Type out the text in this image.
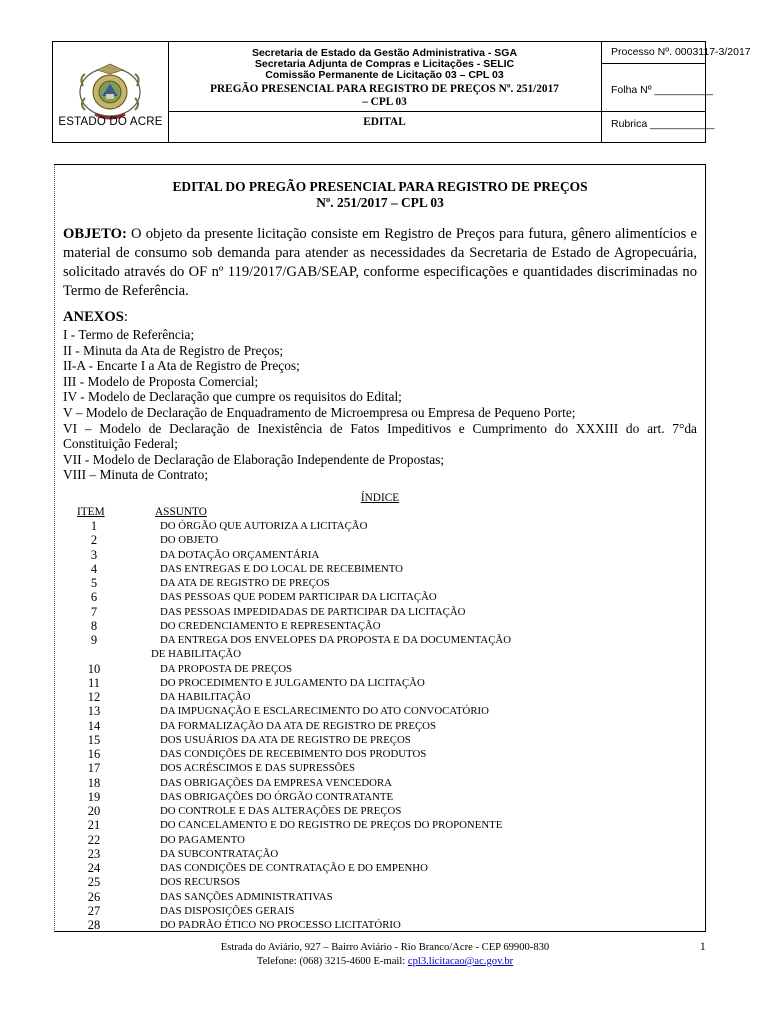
ESTADO DO ACRE
Secretaria de Estado da Gestão Administrativa - SGA
Secretaria Adjunta de Compras e Licitações - SELIC
Comissão Permanente de Licitação 03 – CPL 03
PREGÃO PRESENCIAL PARA REGISTRO DE PREÇOS Nº. 251/2017
– CPL 03
EDITAL
Processo Nº. 0003117-3/2017
Folha Nº __________
Rubrica ___________
EDITAL DO PREGÃO PRESENCIAL PARA REGISTRO DE PREÇOS
Nº. 251/2017 – CPL 03
OBJETO: O objeto da presente licitação consiste em Registro de Preços para futura, gênero alimentícios e material de consumo sob demanda para atender as necessidades da Secretaria de Estado de Agropecuária, solicitado através do OF nº 119/2017/GAB/SEAP, conforme especificações e quantidades discriminadas no Termo de Referência.
ANEXOS:
I - Termo de Referência;
II - Minuta da Ata de Registro de Preços;
II-A - Encarte I a Ata de Registro de Preços;
III - Modelo de Proposta Comercial;
IV - Modelo de Declaração que cumpre os requisitos do Edital;
V – Modelo de Declaração de Enquadramento de Microempresa ou Empresa de Pequeno Porte;
VI – Modelo de Declaração de Inexistência de Fatos Impeditivos e Cumprimento do XXXIII do art. 7°da Constituição Federal;
VII - Modelo de Declaração de Elaboração Independente de Propostas;
VIII – Minuta de Contrato;
ÍNDICE
ITEM	ASSUNTO
1	DO ÓRGÃO QUE AUTORIZA A LICITAÇÃO
2	DO OBJETO
3	DA DOTAÇÃO ORÇAMENTÁRIA
4	DAS ENTREGAS E DO LOCAL DE RECEBIMENTO
5	DA ATA DE REGISTRO DE PREÇOS
6	DAS PESSOAS QUE PODEM PARTICIPAR DA LICITAÇÃO
7	DAS PESSOAS IMPEDIDADAS DE PARTICIPAR DA LICITAÇÃO
8	DO CREDENCIAMENTO E REPRESENTAÇÃO
9	DA ENTREGA DOS ENVELOPES DA PROPOSTA E DA DOCUMENTAÇÃO
DE HABILITAÇÃO
10	DA PROPOSTA DE PREÇOS
11	DO PROCEDIMENTO E JULGAMENTO DA LICITAÇÃO
12	DA HABILITAÇÃO
13	DA IMPUGNAÇÃO E ESCLARECIMENTO DO ATO CONVOCATÓRIO
14	DA FORMALIZAÇÃO DA ATA DE REGISTRO DE PREÇOS
15	DOS USUÁRIOS DA ATA DE REGISTRO DE PREÇOS
16	DAS CONDIÇÕES DE RECEBIMENTO DOS PRODUTOS
17	DOS ACRÉSCIMOS E DAS SUPRESSÕES
18	DAS OBRIGAÇÕES DA EMPRESA VENCEDORA
19	DAS OBRIGAÇÕES DO ÓRGÃO CONTRATANTE
20	DO CONTROLE E DAS ALTERAÇÕES DE PREÇOS
21	DO CANCELAMENTO E DO REGISTRO DE PREÇOS DO PROPONENTE
22	DO PAGAMENTO
23	DA SUBCONTRATAÇÃO
24	DAS CONDIÇÕES DE CONTRATAÇÃO E DO EMPENHO
25	DOS RECURSOS
26	DAS SANÇÕES ADMINISTRATIVAS
27	DAS DISPOSIÇÕES GERAIS
28	DO PADRÃO ÉTICO NO PROCESSO LICITATÓRIO
Estrada do Aviário, 927 – Bairro Aviário - Rio Branco/Acre - CEP 69900-830
Telefone: (068) 3215-4600 E-mail: cpl3.licitacao@ac.gov.br
1
